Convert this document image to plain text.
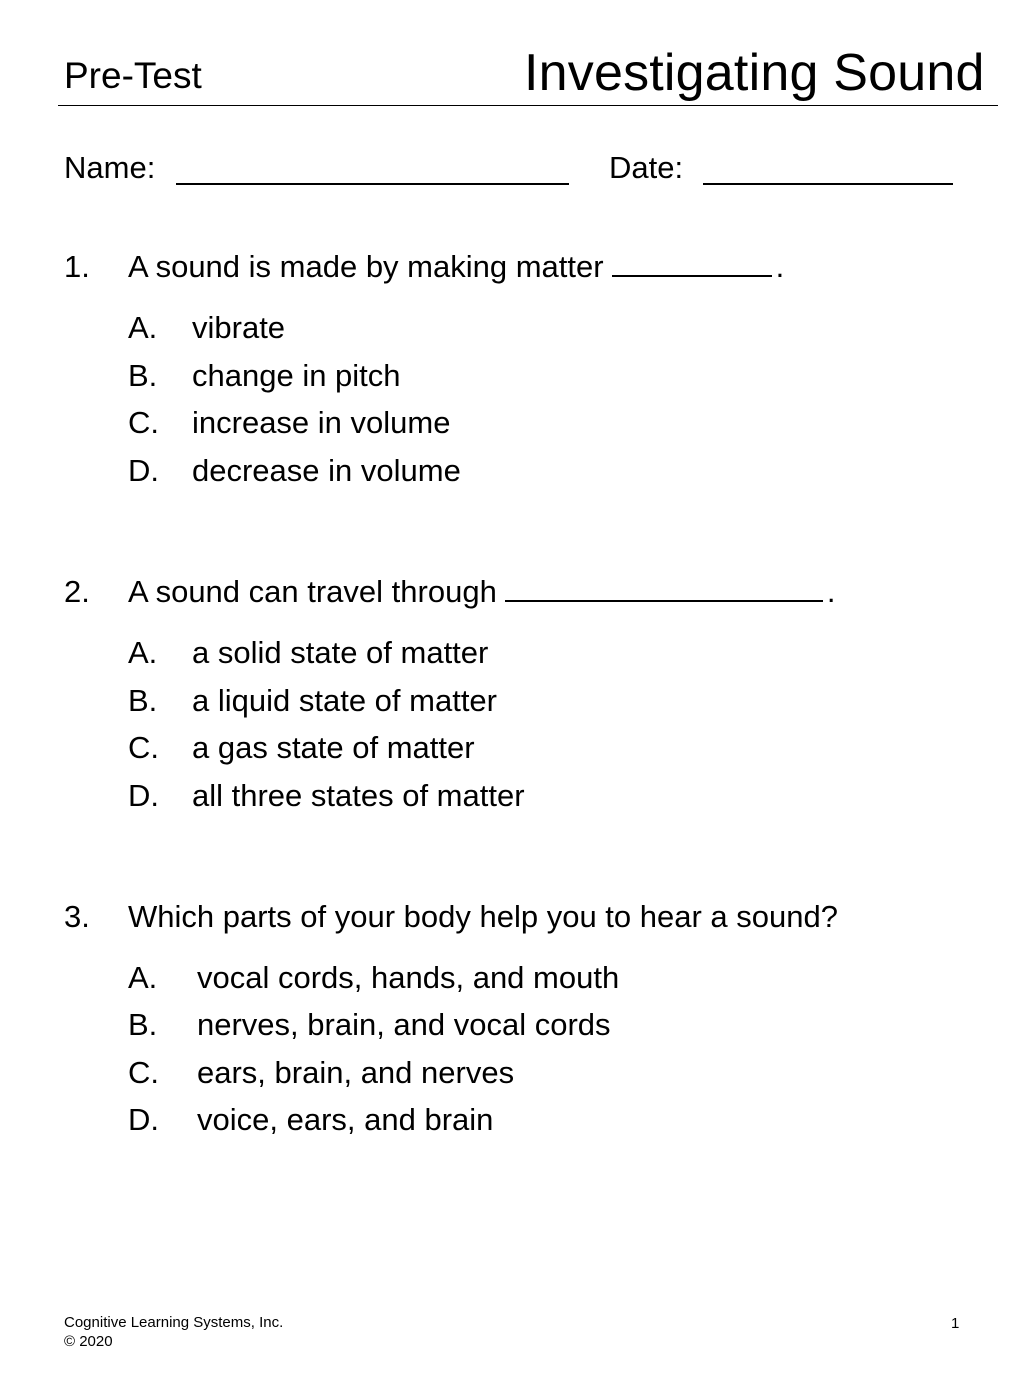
Pre-Test	Investigating Sound
Name:	Date:
1. A sound is made by making matter	.
A. vibrate
B. change in pitch
C. increase in volume
D. decrease in volume
2. A sound can travel through	.
A. a solid state of matter
B. a liquid state of matter
C. a gas state of matter
D. all three states of matter
3. Which parts of your body help you to hear a sound?
A. vocal cords, hands, and mouth
B. nerves, brain, and vocal cords
C. ears, brain, and nerves
D. voice, ears, and brain
Cognitive Learning Systems, Inc.
© 2020
1
